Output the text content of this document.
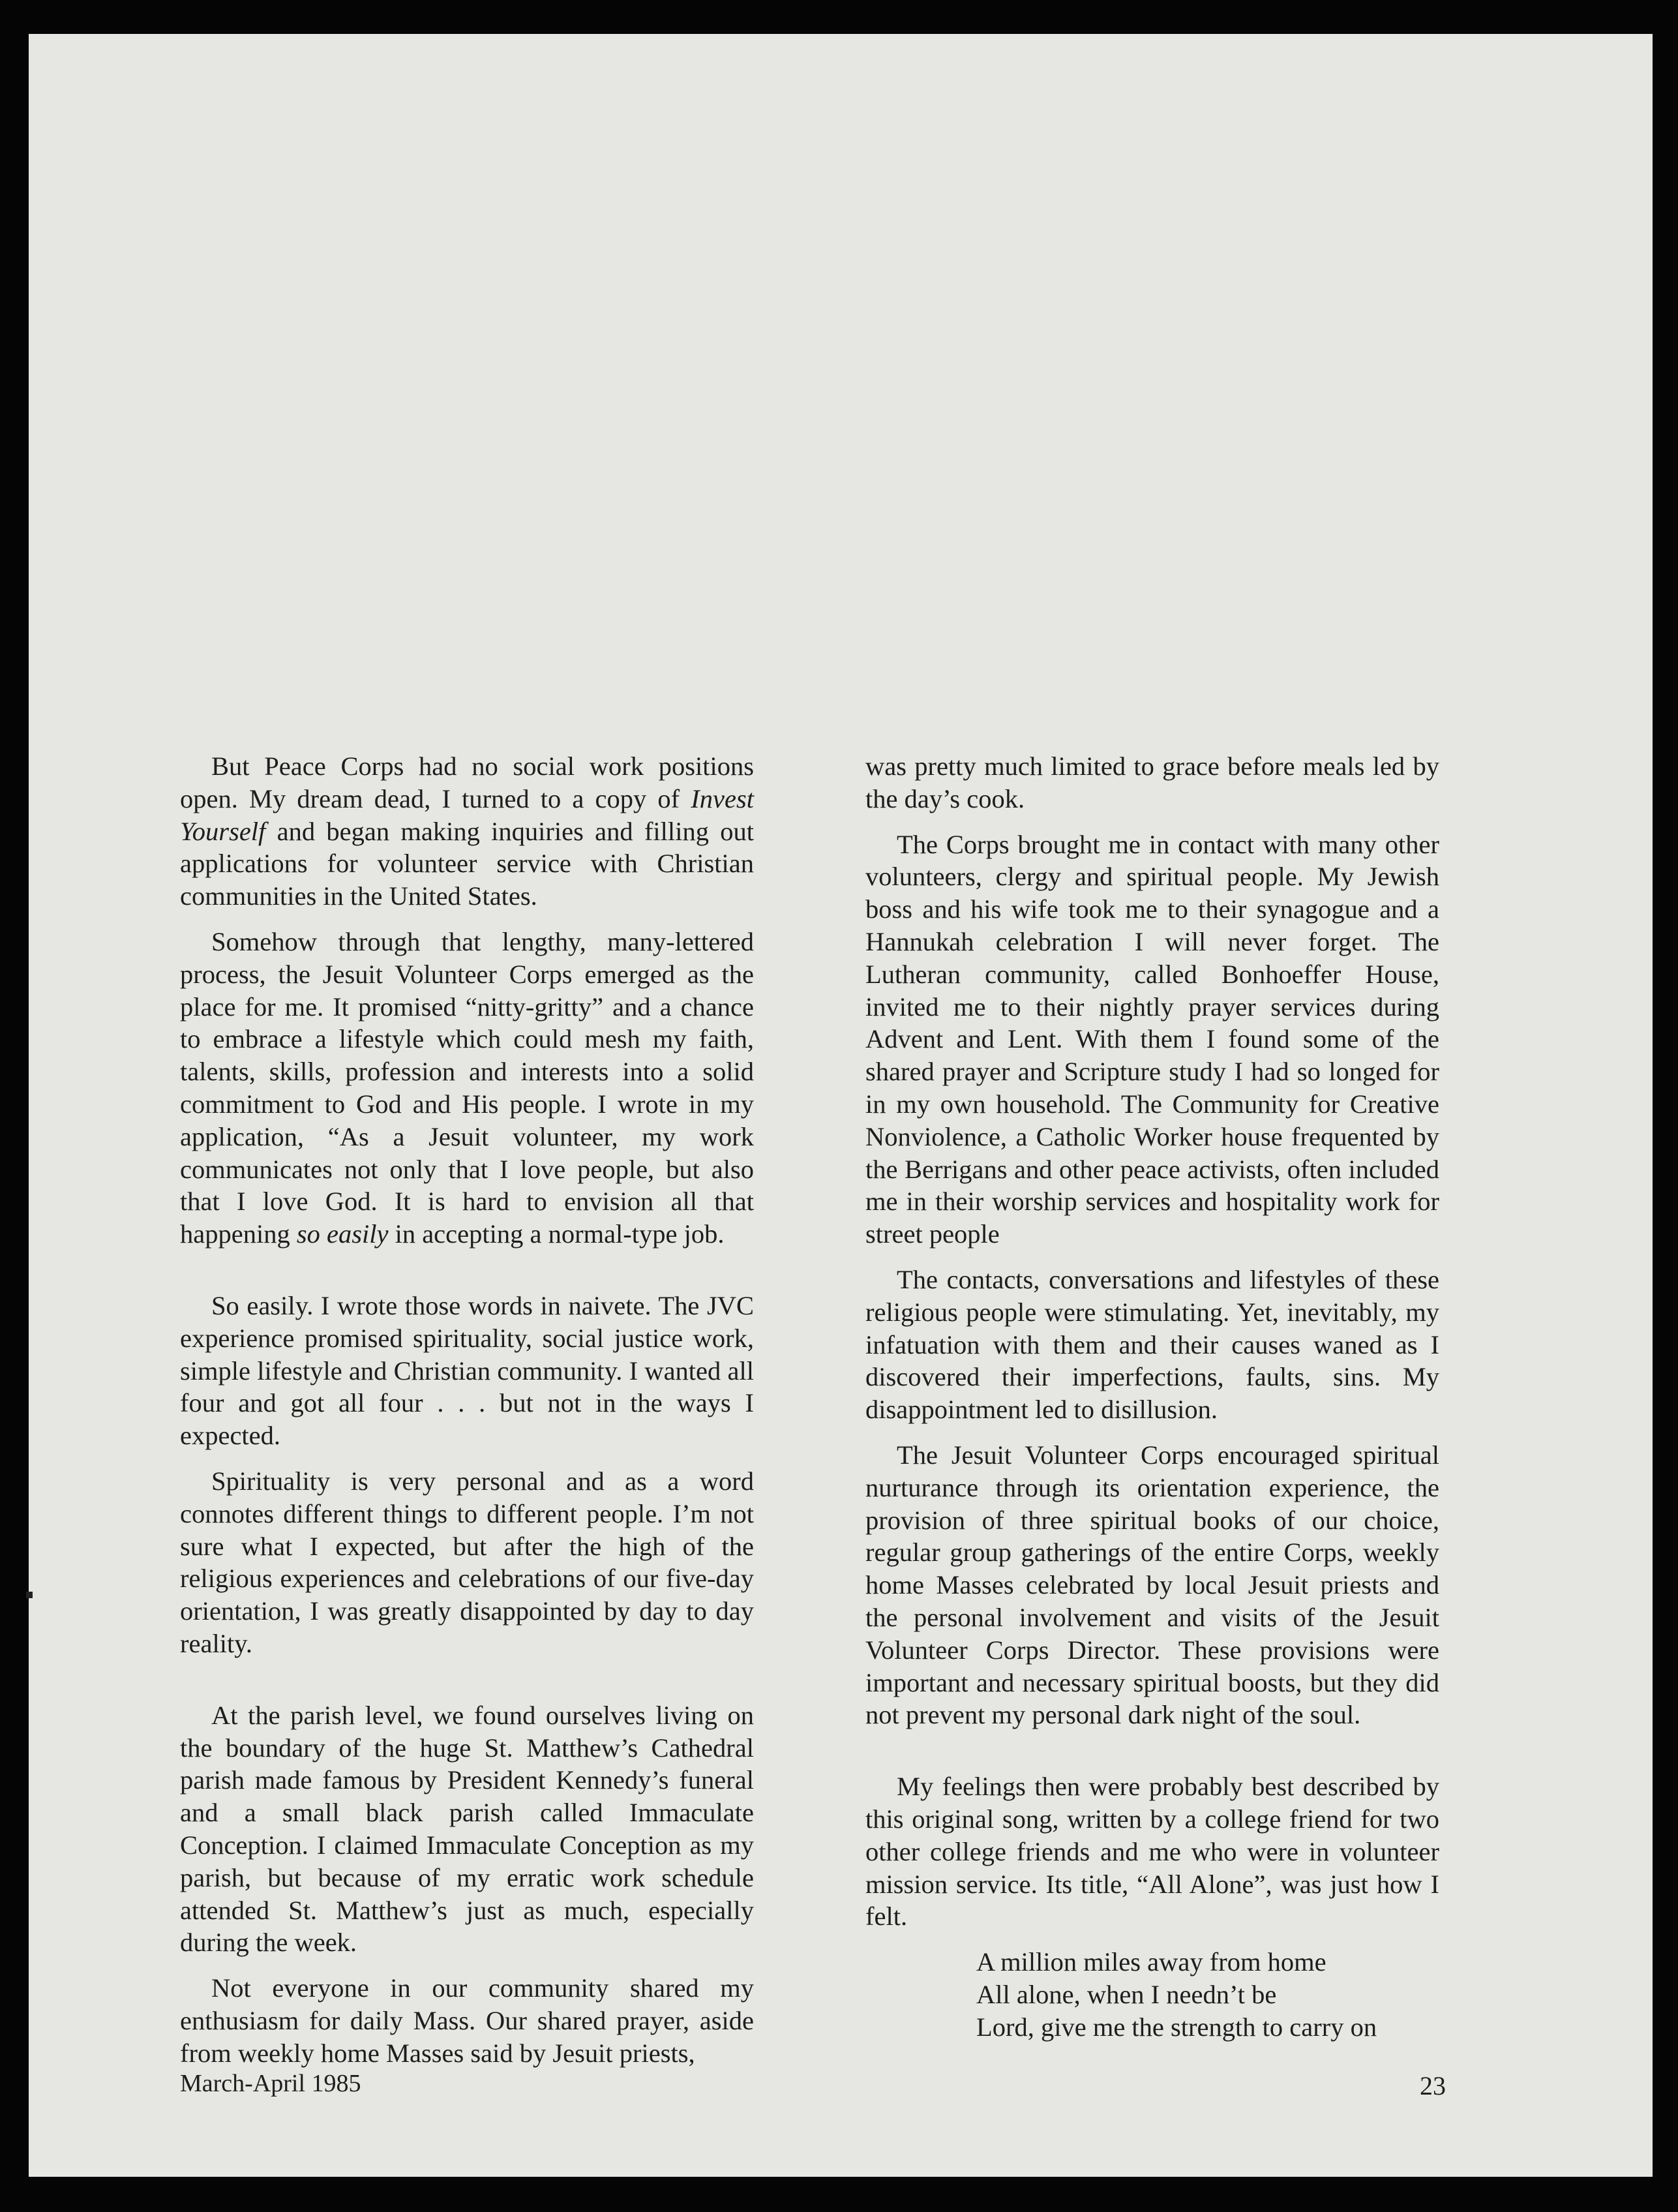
But Peace Corps had no social work positions open. My dream dead, I turned to a copy of Invest Yourself and began making inquiries and filling out applications for volunteer service with Christian communities in the United States.

Somehow through that lengthy, many-lettered process, the Jesuit Volunteer Corps emerged as the place for me. It promised “nitty-gritty” and a chance to embrace a lifestyle which could mesh my faith, talents, skills, profession and interests into a solid commitment to God and His people. I wrote in my application, “As a Jesuit volunteer, my work communicates not only that I love people, but also that I love God. It is hard to envision all that happening so easily in accepting a normal-type job.

So easily. I wrote those words in naivete. The JVC experience promised spirituality, social justice work, simple lifestyle and Christian community. I wanted all four and got all four . . . but not in the ways I expected.

Spirituality is very personal and as a word connotes different things to different people. I’m not sure what I expected, but after the high of the religious experiences and celebrations of our five-day orientation, I was greatly disappointed by day to day reality.

At the parish level, we found ourselves living on the boundary of the huge St. Matthew’s Cathedral parish made famous by President Kennedy’s funeral and a small black parish called Immaculate Conception. I claimed Immaculate Conception as my parish, but because of my erratic work schedule attended St. Matthew’s just as much, especially during the week.

Not everyone in our community shared my enthusiasm for daily Mass. Our shared prayer, aside from weekly home Masses said by Jesuit priests,

was pretty much limited to grace before meals led by the day’s cook.

The Corps brought me in contact with many other volunteers, clergy and spiritual people. My Jewish boss and his wife took me to their synagogue and a Hannukah celebration I will never forget. The Lutheran community, called Bonhoeffer House, invited me to their nightly prayer services during Advent and Lent. With them I found some of the shared prayer and Scripture study I had so longed for in my own household. The Community for Creative Nonviolence, a Catholic Worker house frequented by the Berrigans and other peace activists, often included me in their worship services and hospitality work for street people

The contacts, conversations and lifestyles of these religious people were stimulating. Yet, inevitably, my infatuation with them and their causes waned as I discovered their imperfections, faults, sins. My disappointment led to disillusion.

The Jesuit Volunteer Corps encouraged spiritual nurturance through its orientation experience, the provision of three spiritual books of our choice, regular group gatherings of the entire Corps, weekly home Masses celebrated by local Jesuit priests and the personal involvement and visits of the Jesuit Volunteer Corps Director. These provisions were important and necessary spiritual boosts, but they did not prevent my personal dark night of the soul.

My feelings then were probably best described by this original song, written by a college friend for two other college friends and me who were in volunteer mission service. Its title, “All Alone”, was just how I felt.

A million miles away from home
All alone, when I needn’t be
Lord, give me the strength to carry on
March-April 1985	23
